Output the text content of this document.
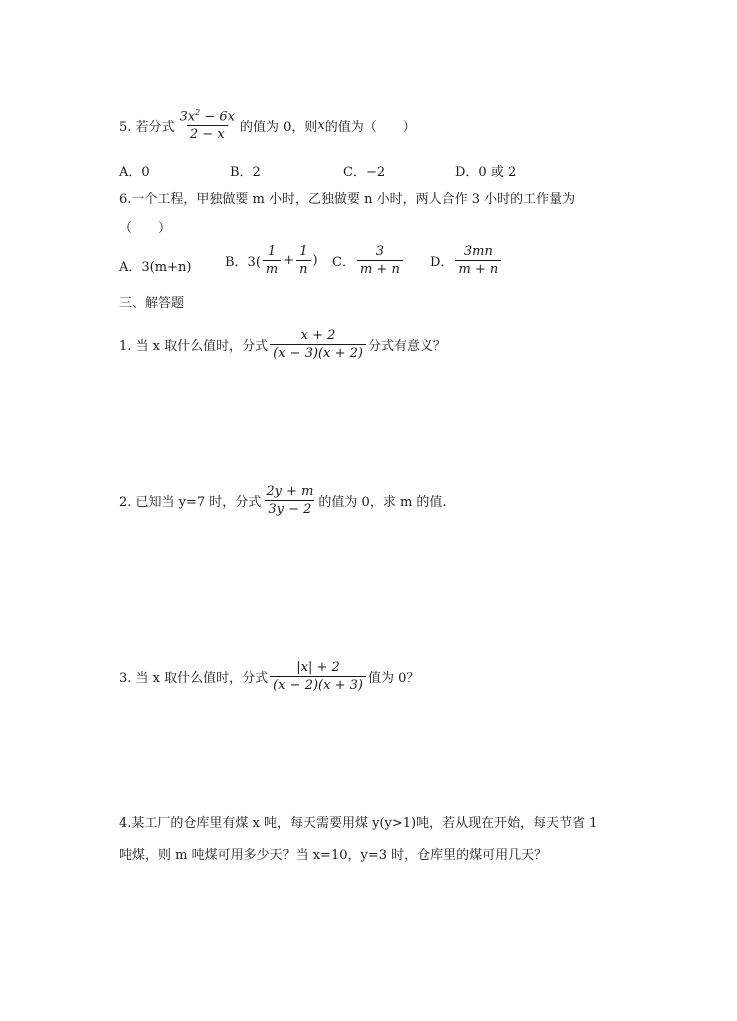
5. 若分式 $\frac{3x^2 - 6x}{2 - x}$ 的值为 0，则 x 的值为（　　）
A．0	B．2	C．−2	D．0 或 2
6.一个工程，甲独做要 m 小时，乙独做要 n 小时，两人合作 3 小时的工作量为
（　　）
A．3(m+n)	B．$3( \frac{1}{m} + \frac{1}{n}$ ) C． $\frac{3}{m + n}$ D． $\frac{3mn}{m + n}$
三、解答题
1. 当 x 取什么值时，分式 $\frac{x + 2}{(x - 3)(x + 2)}$ 分式有意义？
2. 已知当 y=7 时，分式 $\frac{2y + m}{3y - 2}$ 的值为 0，求 m 的值.
3. 当 x 取什么值时，分式 $\frac{|x| + 2}{(x - 2)(x + 3)}$ 值为 0？
4.某工厂的仓库里有煤 x 吨，每天需要用煤 y(y>1)吨，若从现在开始，每天节省 1
吨煤，则 m 吨煤可用多少天？当 x=10，y=3 时，仓库里的煤可用几天？
